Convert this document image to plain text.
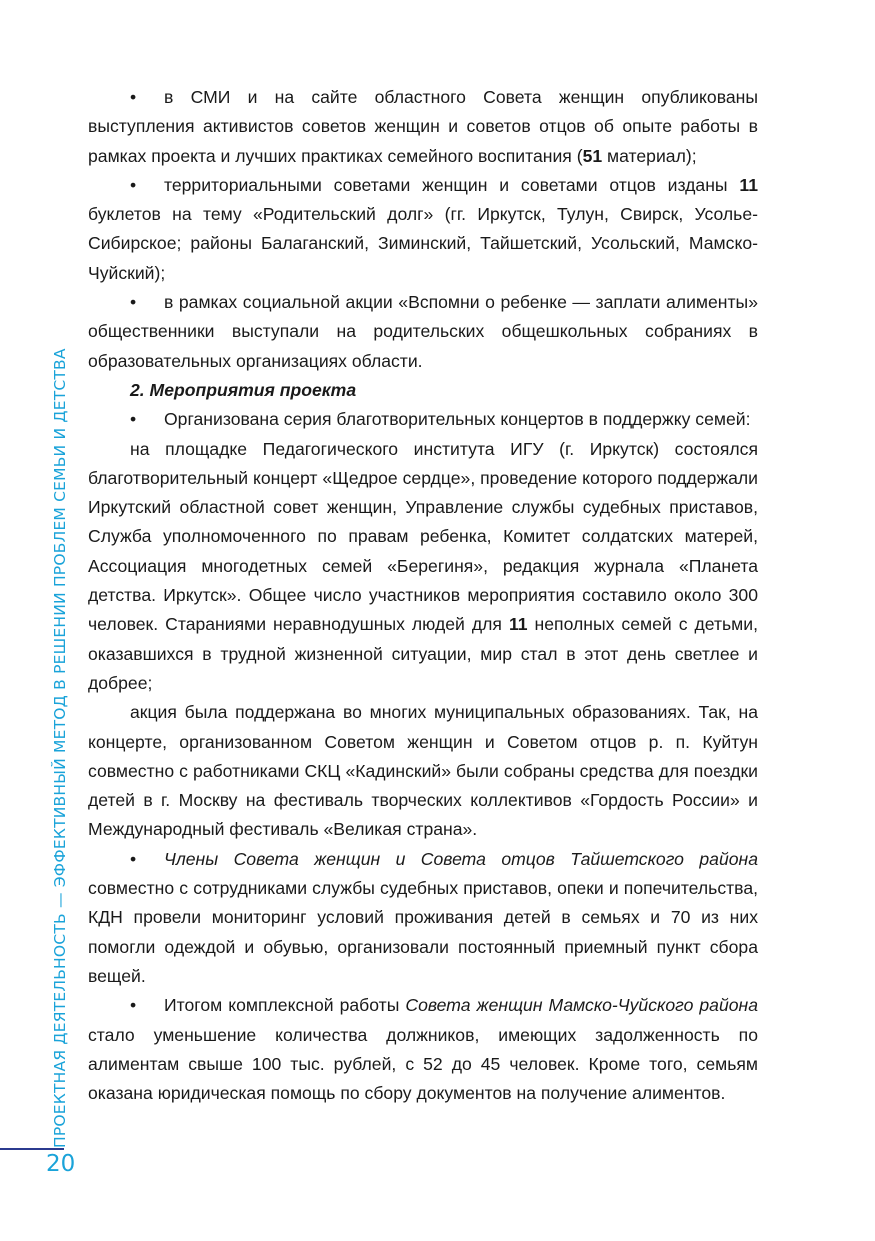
ПРОЕКТНАЯ ДЕЯТЕЛЬНОСТЬ — ЭФФЕКТИВНЫЙ МЕТОД В РЕШЕНИИ ПРОБЛЕМ СЕМЬИ И ДЕТСТВА
20

• в СМИ и на сайте областного Совета женщин опубликованы выступления активистов советов женщин и советов отцов об опыте работы в рамках проекта и лучших практиках семейного воспитания (51 материал);

• территориальными советами женщин и советами отцов изданы 11 буклетов на тему «Родительский долг» (гг. Иркутск, Тулун, Свирск, Усолье-Сибирское; районы Балаганский, Зиминский, Тайшетский, Усольский, Мамско-Чуйский);

• в рамках социальной акции «Вспомни о ребенке — заплати алименты» общественники выступали на родительских общешкольных собраниях в образовательных организациях области.

2. Мероприятия проекта

• Организована серия благотворительных концертов в поддержку семей:

на площадке Педагогического института ИГУ (г. Иркутск) состоялся благотворительный концерт «Щедрое сердце», проведение которого поддержали Иркутский областной совет женщин, Управление службы судебных приставов, Служба уполномоченного по правам ребенка, Комитет солдатских матерей, Ассоциация многодетных семей «Берегиня», редакция журнала «Планета детства. Иркутск». Общее число участников мероприятия составило около 300 человек. Стараниями неравнодушных людей для 11 неполных семей с детьми, оказавшихся в трудной жизненной ситуации, мир стал в этот день светлее и добрее;

акция была поддержана во многих муниципальных образованиях. Так, на концерте, организованном Советом женщин и Советом отцов р. п. Куйтун совместно с работниками СКЦ «Кадинский» были собраны средства для поездки детей в г. Москву на фестиваль творческих коллективов «Гордость России» и Международный фестиваль «Великая страна».

• Члены Совета женщин и Совета отцов Тайшетского района совместно с сотрудниками службы судебных приставов, опеки и попечительства, КДН провели мониторинг условий проживания детей в семьях и 70 из них помогли одеждой и обувью, организовали постоянный приемный пункт сбора вещей.

• Итогом комплексной работы Совета женщин Мамско-Чуйского района стало уменьшение количества должников, имеющих задолженность по алиментам свыше 100 тыс. рублей, с 52 до 45 человек. Кроме того, семьям оказана юридическая помощь по сбору документов на получение алиментов.
